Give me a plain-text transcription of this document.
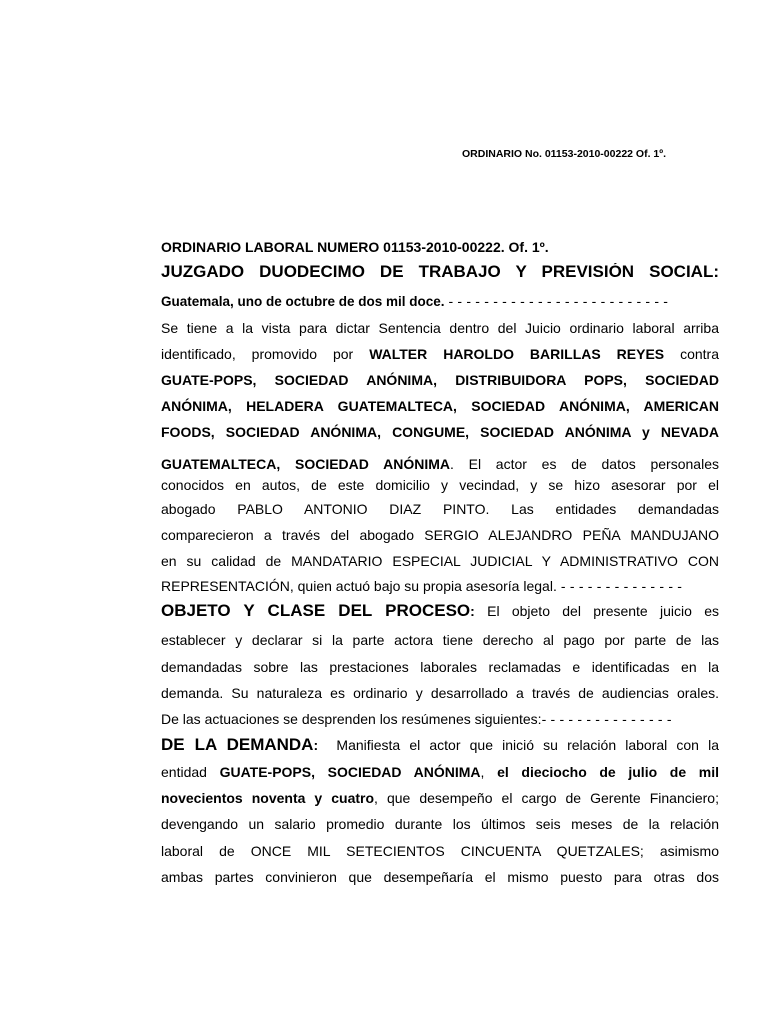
ORDINARIO No. 01153-2010-00222 Of. 1º.
ORDINARIO LABORAL NUMERO 01153-2010-00222. Of. 1º.
JUZGADO DUODECIMO DE TRABAJO Y PREVISIÓN SOCIAL:
Guatemala, uno de octubre de dos mil doce. - - - - - - - - - - - - - - - - - - - - - - - - -
Se tiene a la vista para dictar Sentencia dentro del Juicio ordinario laboral arriba
identificado, promovido por WALTER HAROLDO BARILLAS REYES contra
GUATE-POPS, SOCIEDAD ANÓNIMA, DISTRIBUIDORA POPS, SOCIEDAD
ANÓNIMA, HELADERA GUATEMALTECA, SOCIEDAD ANÓNIMA, AMERICAN
FOODS, SOCIEDAD ANÓNIMA, CONGUME, SOCIEDAD ANÓNIMA y NEVADA
GUATEMALTECA, SOCIEDAD ANÓNIMA. El actor es de datos personales
conocidos en autos, de este domicilio y vecindad, y se hizo asesorar por el
abogado PABLO ANTONIO DIAZ PINTO. Las entidades demandadas
comparecieron a través del abogado SERGIO ALEJANDRO PEÑA MANDUJANO
en su calidad de MANDATARIO ESPECIAL JUDICIAL Y ADMINISTRATIVO CON
REPRESENTACIÓN, quien actuó bajo su propia asesoría legal. - - - - - - - - - - - - - -
OBJETO Y CLASE DEL PROCESO: El objeto del presente juicio es
establecer y declarar si la parte actora tiene derecho al pago por parte de las
demandadas sobre las prestaciones laborales reclamadas e identificadas en la
demanda. Su naturaleza es ordinario y desarrollado a través de audiencias orales.
De las actuaciones se desprenden los resúmenes siguientes:- - - - - - - - - - - - - - -
DE LA DEMANDA:  Manifiesta el actor que inició su relación laboral con la
entidad GUATE-POPS, SOCIEDAD ANÓNIMA, el dieciocho de julio de mil
novecientos noventa y cuatro, que desempeño el cargo de Gerente Financiero;
devengando un salario promedio durante los últimos seis meses de la relación
laboral de ONCE MIL SETECIENTOS CINCUENTA QUETZALES; asimismo
ambas partes convinieron que desempeñaría el mismo puesto para otras dos
